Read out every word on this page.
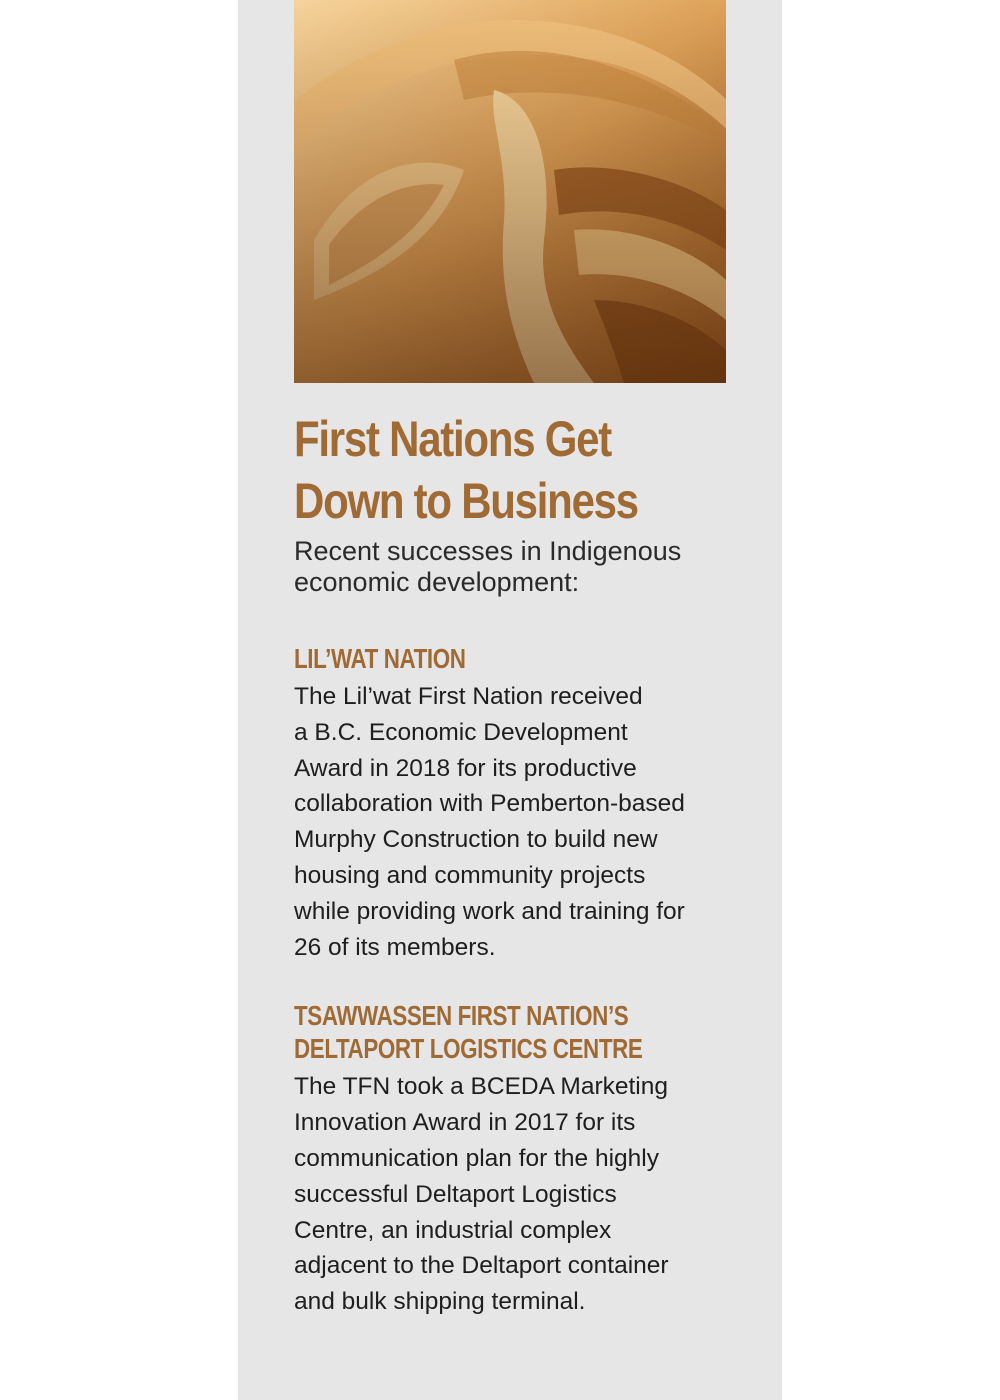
First Nations Get
Down to Business

Recent successes in Indigenous
economic development:

LIL’WAT NATION

The Lil’wat First Nation received
a B.C. Economic Development
Award in 2018 for its productive
collaboration with Pemberton-based
Murphy Construction to build new
housing and community projects
while providing work and training for
26 of its members.

TSAWWASSEN FIRST NATION’S
DELTAPORT LOGISTICS CENTRE

The TFN took a BCEDA Marketing
Innovation Award in 2017 for its
communication plan for the highly
successful Deltaport Logistics
Centre, an industrial complex
adjacent to the Deltaport container
and bulk shipping terminal.
